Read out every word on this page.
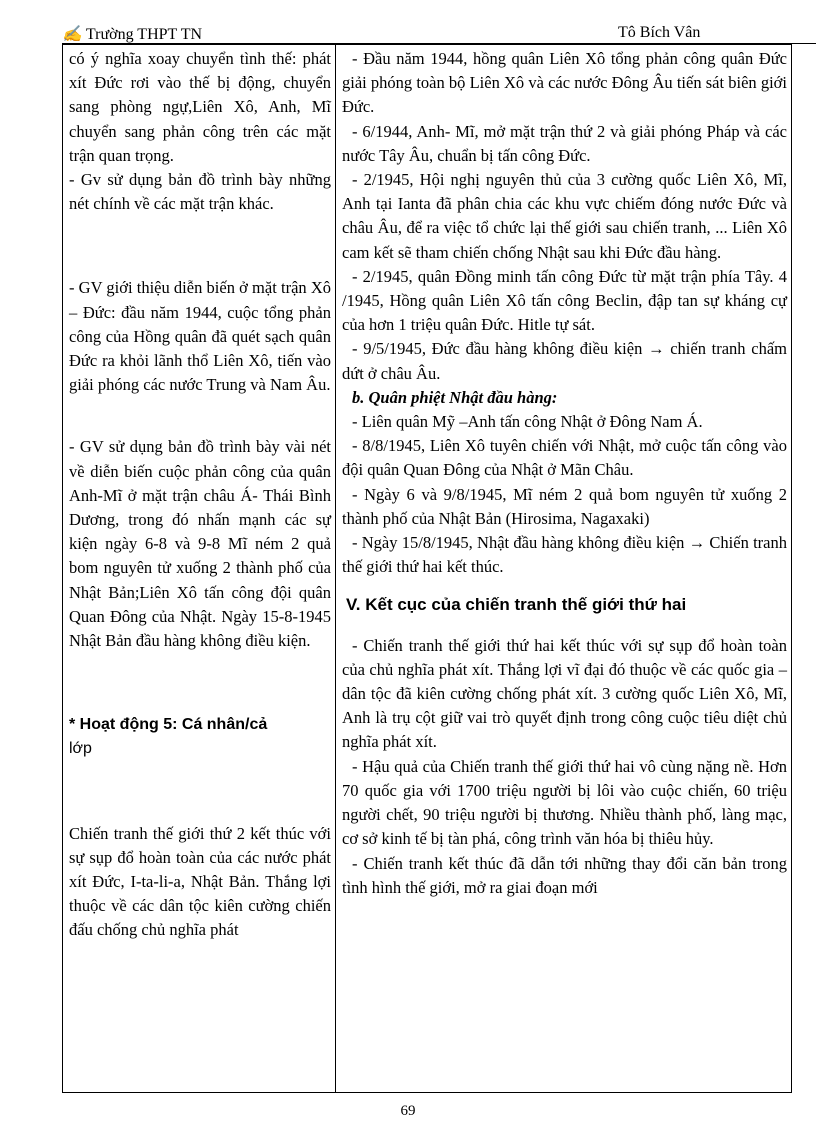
✍ Trường THPT TN	Tô Bích Vân

có ý nghĩa xoay chuyển tình thế: phát xít Đức rơi vào thế bị động, chuyển sang phòng ngự,Liên Xô, Anh, Mĩ chuyển sang phản công trên các mặt trận quan trọng.

- Gv sử dụng bản đồ trình bày những nét chính về các mặt trận khác.

- GV giới thiệu diễn biến ở mặt trận Xô – Đức: đầu năm 1944, cuộc tổng phản công của Hồng quân đã quét sạch quân Đức ra khỏi lãnh thổ Liên Xô, tiến vào giải phóng các nước Trung và Nam Âu.

- GV sử dụng bản đồ trình bày vài nét về diễn biến cuộc phản công của quân Anh-Mĩ ở mặt trận châu Á- Thái Bình Dương, trong đó nhấn mạnh các sự kiện ngày 6-8 và 9-8 Mĩ ném 2 quả bom nguyên tử xuống 2 thành phố của Nhật Bản;Liên Xô tấn công đội quân Quan Đông của Nhật. Ngày 15-8-1945 Nhật Bản đầu hàng không điều kiện.

* Hoạt động 5: Cá nhân/cả
lớp

Chiến tranh thế giới thứ 2 kết thúc với sự sụp đổ hoàn toàn của các nước phát xít Đức, I-ta-li-a, Nhật Bản. Thắng lợi thuộc về các dân tộc kiên cường chiến đấu chống chủ nghĩa phát

- Đầu năm 1944, hồng quân Liên Xô tổng phản công quân Đức giải phóng toàn bộ Liên Xô và các nước Đông Âu tiến sát biên giới Đức.

- 6/1944, Anh- Mĩ, mở mặt trận thứ 2 và giải phóng Pháp và các nước Tây Âu, chuẩn bị tấn công Đức.

- 2/1945, Hội nghị nguyên thủ của 3 cường quốc Liên Xô, Mĩ, Anh tại Ianta đã phân chia các khu vực chiếm đóng nước Đức và châu Âu, để ra việc tổ chức lại thế giới sau chiến tranh, ... Liên Xô cam kết sẽ tham chiến chống Nhật sau khi Đức đầu hàng.

- 2/1945, quân Đồng minh tấn công Đức từ mặt trận phía Tây. 4 /1945, Hồng quân Liên Xô tấn công Beclin, đập tan sự kháng cự của hơn 1 triệu quân Đức. Hitle tự sát.

- 9/5/1945, Đức đầu hàng không điều kiện → chiến tranh chấm dứt ở châu Âu.

b. Quân phiệt Nhật đầu hàng:

- Liên quân Mỹ –Anh tấn công Nhật ở Đông Nam Á.

- 8/8/1945, Liên Xô tuyên chiến với Nhật, mở cuộc tấn công vào đội quân Quan Đông của Nhật ở Mãn Châu.

- Ngày 6 và 9/8/1945, Mĩ ném 2 quả bom nguyên tử xuống 2 thành phố của Nhật Bản (Hirosima, Nagaxaki)

- Ngày 15/8/1945, Nhật đầu hàng không điều kiện → Chiến tranh thế giới thứ hai kết thúc.

V. Kết cục của chiến tranh thế giới thứ hai

- Chiến tranh thế giới thứ hai kết thúc với sự sụp đổ hoàn toàn của chủ nghĩa phát xít. Thắng lợi vĩ đại đó thuộc về các quốc gia – dân tộc đã kiên cường chống phát xít. 3 cường quốc Liên Xô, Mĩ, Anh là trụ cột giữ vai trò quyết định trong công cuộc tiêu diệt chủ nghĩa phát xít.

- Hậu quả của Chiến tranh thế giới thứ hai vô cùng nặng nề. Hơn 70 quốc gia với 1700 triệu người bị lôi vào cuộc chiến, 60 triệu người chết, 90 triệu người bị thương. Nhiều thành phố, làng mạc, cơ sở kinh tế bị tàn phá, công trình văn hóa bị thiêu hủy.

- Chiến tranh kết thúc đã dẫn tới những thay đổi căn bản trong tình hình thế giới, mở ra giai đoạn mới

69
